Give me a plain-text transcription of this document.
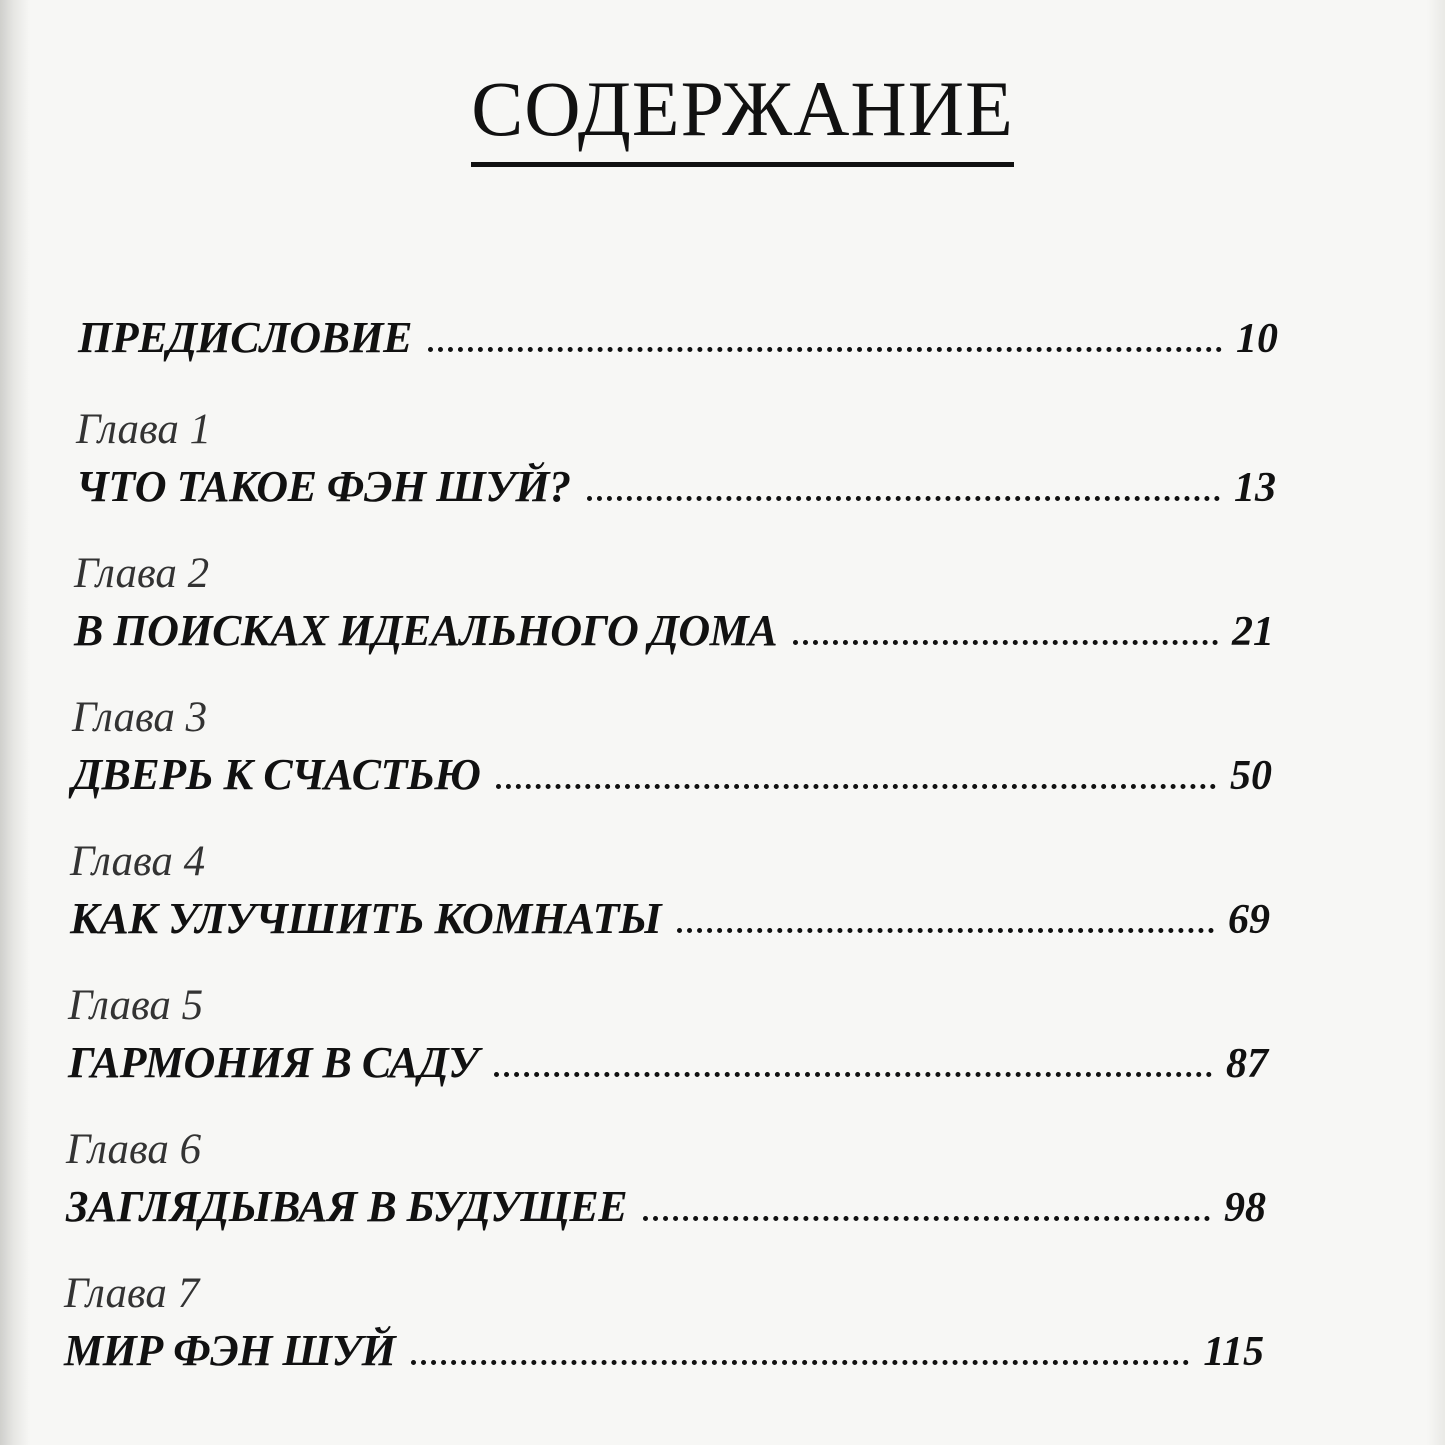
СОДЕРЖАНИЕ
ПРЕДИСЛОВИЕ	10
Глава 1
ЧТО ТАКОЕ ФЭН ШУЙ?	13
Глава 2
В ПОИСКАХ ИДЕАЛЬНОГО ДОМА	21
Глава 3
ДВЕРЬ К СЧАСТЬЮ	50
Глава 4
КАК УЛУЧШИТЬ КОМНАТЫ	69
Глава 5
ГАРМОНИЯ В САДУ	87
Глава 6
ЗАГЛЯДЫВАЯ В БУДУЩЕЕ	98
Глава 7
МИР ФЭН ШУЙ	115
